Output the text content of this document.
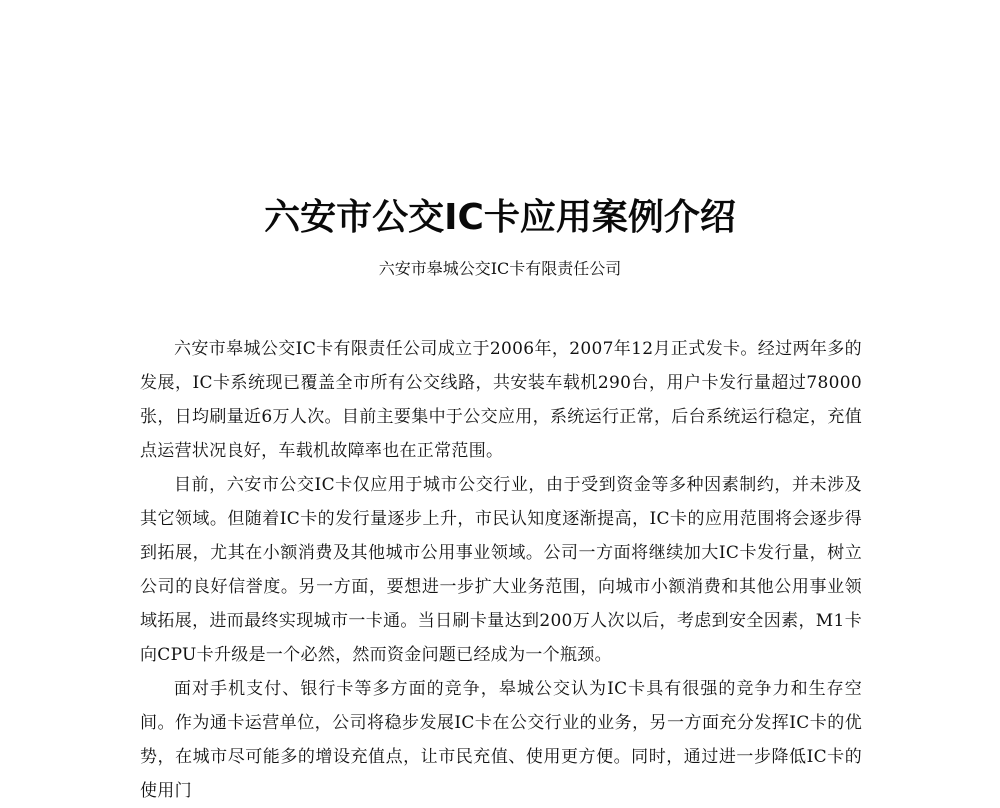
六安市公交IC卡应用案例介绍
六安市皋城公交IC卡有限责任公司

六安市皋城公交IC卡有限责任公司成立于2006年，2007年12月正式发卡。经过两年多的发展，IC卡系统现已覆盖全市所有公交线路，共安装车载机290台，用户卡发行量超过78000张，日均刷量近6万人次。目前主要集中于公交应用，系统运行正常，后台系统运行稳定，充值点运营状况良好，车载机故障率也在正常范围。

目前，六安市公交IC卡仅应用于城市公交行业，由于受到资金等多种因素制约，并未涉及其它领域。但随着IC卡的发行量逐步上升，市民认知度逐渐提高，IC卡的应用范围将会逐步得到拓展，尤其在小额消费及其他城市公用事业领域。公司一方面将继续加大IC卡发行量，树立公司的良好信誉度。另一方面，要想进一步扩大业务范围，向城市小额消费和其他公用事业领域拓展，进而最终实现城市一卡通。当日刷卡量达到200万人次以后，考虑到安全因素，M1卡向CPU卡升级是一个必然，然而资金问题已经成为一个瓶颈。

面对手机支付、银行卡等多方面的竞争，皋城公交认为IC卡具有很强的竞争力和生存空间。作为通卡运营单位，公司将稳步发展IC卡在公交行业的业务，另一方面充分发挥IC卡的优势，在城市尽可能多的增设充值点，让市民充值、使用更方便。同时，通过进一步降低IC卡的使用门
